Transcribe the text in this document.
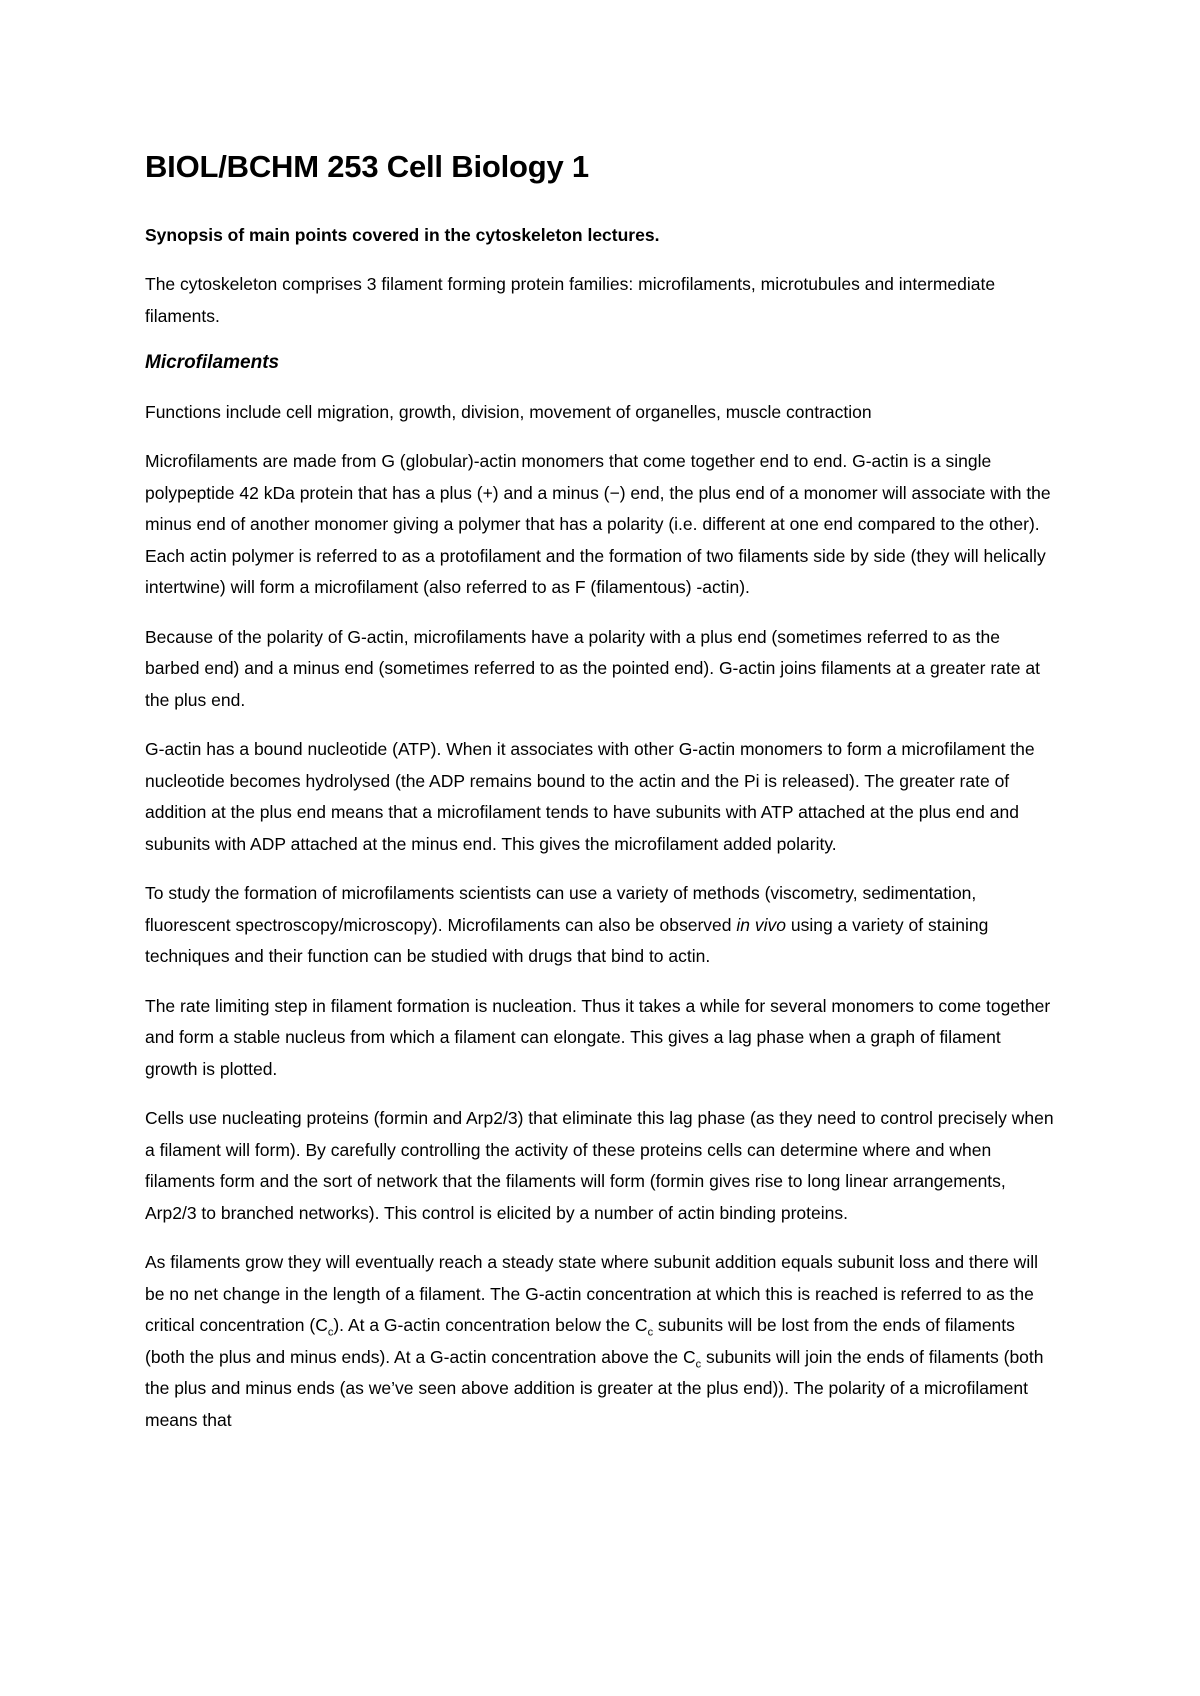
BIOL/BCHM 253 Cell Biology 1

Synopsis of main points covered in the cytoskeleton lectures.

The cytoskeleton comprises 3 filament forming protein families: microfilaments, microtubules and intermediate filaments.

Microfilaments

Functions include cell migration, growth, division, movement of organelles, muscle contraction

Microfilaments are made from G (globular)-actin monomers that come together end to end. G-actin is a single polypeptide 42 kDa protein that has a plus (+) and a minus (−) end, the plus end of a monomer will associate with the minus end of another monomer giving a polymer that has a polarity (i.e. different at one end compared to the other). Each actin polymer is referred to as a protofilament and the formation of two filaments side by side (they will helically intertwine) will form a microfilament (also referred to as F (filamentous) -actin).

Because of the polarity of G-actin, microfilaments have a polarity with a plus end (sometimes referred to as the barbed end) and a minus end (sometimes referred to as the pointed end). G-actin joins filaments at a greater rate at the plus end.

G-actin has a bound nucleotide (ATP). When it associates with other G-actin monomers to form a microfilament the nucleotide becomes hydrolysed (the ADP remains bound to the actin and the Pi is released). The greater rate of addition at the plus end means that a microfilament tends to have subunits with ATP attached at the plus end and subunits with ADP attached at the minus end. This gives the microfilament added polarity.

To study the formation of microfilaments scientists can use a variety of methods (viscometry, sedimentation, fluorescent spectroscopy/microscopy). Microfilaments can also be observed in vivo using a variety of staining techniques and their function can be studied with drugs that bind to actin.

The rate limiting step in filament formation is nucleation. Thus it takes a while for several monomers to come together and form a stable nucleus from which a filament can elongate. This gives a lag phase when a graph of filament growth is plotted.

Cells use nucleating proteins (formin and Arp2/3) that eliminate this lag phase (as they need to control precisely when a filament will form). By carefully controlling the activity of these proteins cells can determine where and when filaments form and the sort of network that the filaments will form (formin gives rise to long linear arrangements, Arp2/3 to branched networks). This control is elicited by a number of actin binding proteins.

As filaments grow they will eventually reach a steady state where subunit addition equals subunit loss and there will be no net change in the length of a filament. The G-actin concentration at which this is reached is referred to as the critical concentration $(C_c)$. At a G-actin concentration below the $C_c$ subunits will be lost from the ends of filaments (both the plus and minus ends). At a G-actin concentration above the $C_c$ subunits will join the ends of filaments (both the plus and minus ends (as we’ve seen above addition is greater at the plus end)). The polarity of a microfilament means that
